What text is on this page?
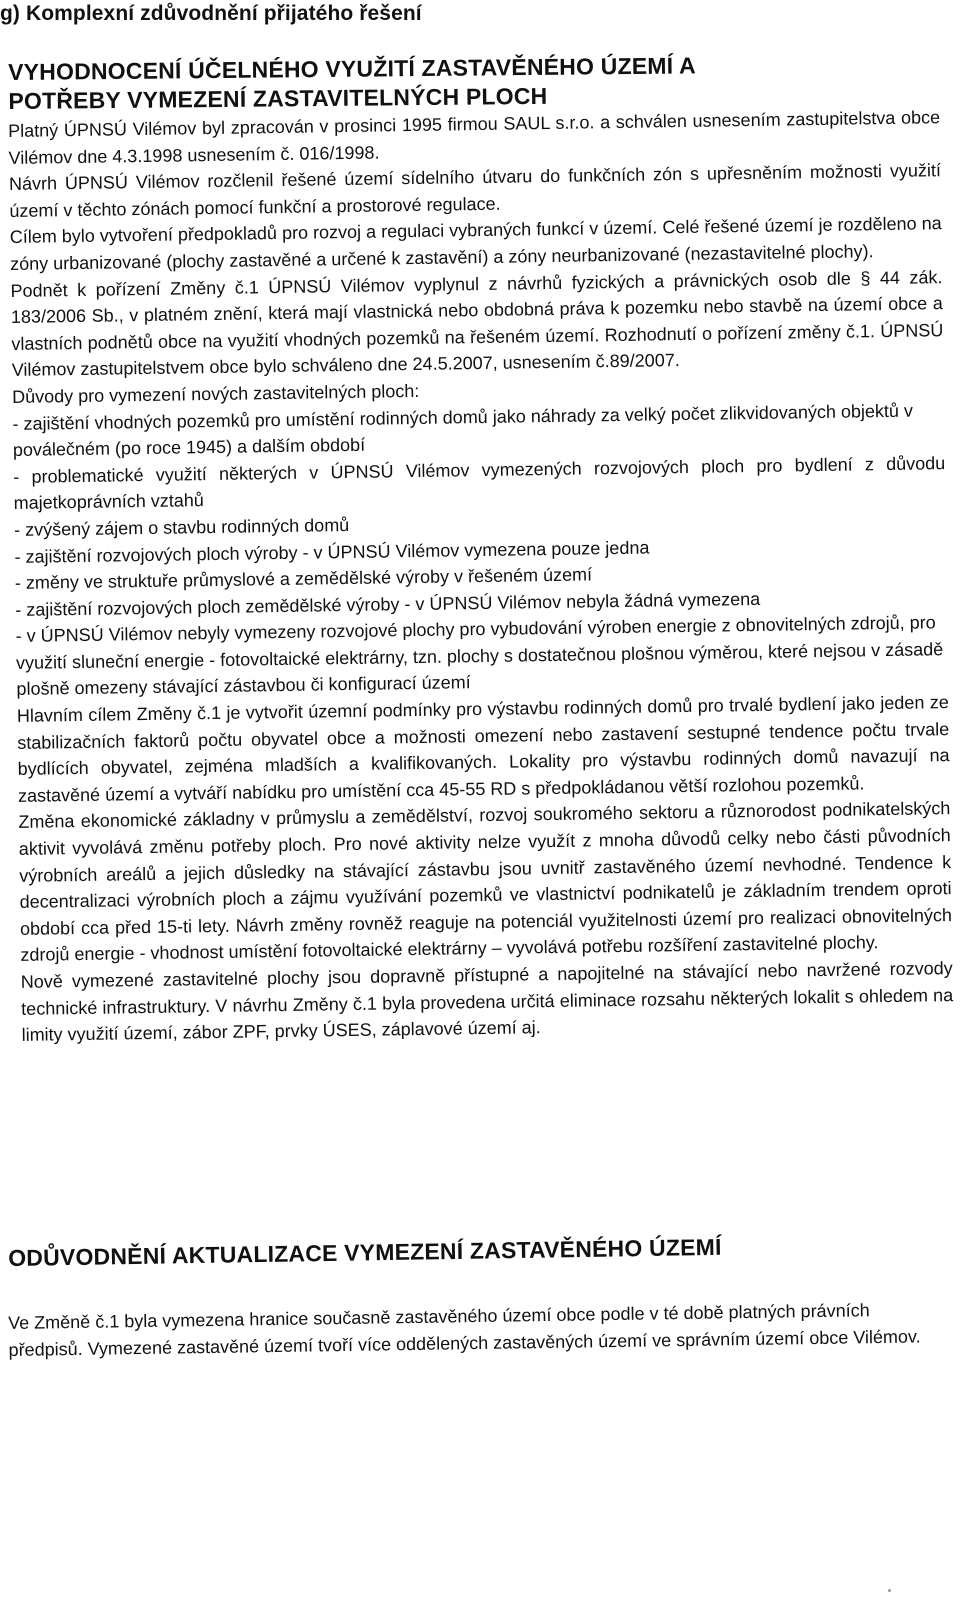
g) Komplexní zdůvodnění přijatého řešení
VYHODNOCENÍ ÚČELNÉHO VYUŽITÍ ZASTAVĚNÉHO ÚZEMÍ A
POTŘEBY VYMEZENÍ ZASTAVITELNÝCH PLOCH

Platný ÚPNSÚ Vilémov byl zpracován v prosinci 1995 firmou SAUL s.r.o. a schválen usnesením zastupitelstva obce Vilémov dne 4.3.1998 usnesením č. 016/1998.

Návrh ÚPNSÚ Vilémov rozčlenil řešené území sídelního útvaru do funkčních zón s upřesněním možnosti využití území v těchto zónách pomocí funkční a prostorové regulace.

Cílem bylo vytvoření předpokladů pro rozvoj a regulaci vybraných funkcí v území. Celé řešené území je rozděleno na zóny urbanizované (plochy zastavěné a určené k zastavění) a zóny neurbanizované (nezastavitelné plochy).

Podnět k pořízení Změny č.1 ÚPNSÚ Vilémov vyplynul z návrhů fyzických a právnických osob dle § 44 zák. 183/2006 Sb., v platném znění, která mají vlastnická nebo obdobná práva k pozemku nebo stavbě na území obce a vlastních podnětů obce na využití vhodných pozemků na řešeném území. Rozhodnutí o pořízení změny č.1. ÚPNSÚ Vilémov zastupitelstvem obce bylo schváleno dne 24.5.2007, usnesením č.89/2007.

Důvody pro vymezení nových zastavitelných ploch:

- zajištění vhodných pozemků pro umístění rodinných domů jako náhrady za velký počet zlikvidovaných objektů v poválečném (po roce 1945) a dalším období

- problematické využití některých v ÚPNSÚ Vilémov vymezených rozvojových ploch pro bydlení z důvodu majetkoprávních vztahů

- zvýšený zájem o stavbu rodinných domů

- zajištění rozvojových ploch výroby - v ÚPNSÚ Vilémov vymezena pouze jedna

- změny ve struktuře průmyslové a zemědělské výroby v řešeném území

- zajištění rozvojových ploch zemědělské výroby - v ÚPNSÚ Vilémov nebyla žádná vymezena

- v ÚPNSÚ Vilémov nebyly vymezeny rozvojové plochy pro vybudování výroben energie z obnovitelných zdrojů, pro využití sluneční energie - fotovoltaické elektrárny, tzn. plochy s dostatečnou plošnou výměrou, které nejsou v zásadě plošně omezeny stávající zástavbou či konfigurací území

Hlavním cílem Změny č.1 je vytvořit územní podmínky pro výstavbu rodinných domů pro trvalé bydlení jako jeden ze stabilizačních faktorů počtu obyvatel obce a možnosti omezení nebo zastavení sestupné tendence počtu trvale bydlících obyvatel, zejména mladších a kvalifikovaných. Lokality pro výstavbu rodinných domů navazují na zastavěné území a vytváří nabídku pro umístění cca 45-55 RD s předpokládanou větší rozlohou pozemků.

Změna ekonomické základny v průmyslu a zemědělství, rozvoj soukromého sektoru a různorodost podnikatelských aktivit vyvolává změnu potřeby ploch. Pro nové aktivity nelze využít z mnoha důvodů celky nebo části původních výrobních areálů a jejich důsledky na stávající zástavbu jsou uvnitř zastavěného území nevhodné. Tendence k decentralizaci výrobních ploch a zájmu využívání pozemků ve vlastnictví podnikatelů je základním trendem oproti období cca před 15-ti lety. Návrh změny rovněž reaguje na potenciál využitelnosti území pro realizaci obnovitelných zdrojů energie - vhodnost umístění fotovoltaické elektrárny – vyvolává potřebu rozšíření zastavitelné plochy.

Nově vymezené zastavitelné plochy jsou dopravně přístupné a napojitelné na stávající nebo navržené rozvody technické infrastruktury. V návrhu Změny č.1 byla provedena určitá eliminace rozsahu některých lokalit s ohledem na limity využití území, zábor ZPF, prvky ÚSES, záplavové území aj.

ODŮVODNĚNÍ AKTUALIZACE VYMEZENÍ ZASTAVĚNÉHO ÚZEMÍ

Ve Změně č.1 byla vymezena hranice současně zastavěného území obce podle v té době platných právních předpisů. Vymezené zastavěné území tvoří více oddělených zastavěných území ve správním území obce Vilémov.
